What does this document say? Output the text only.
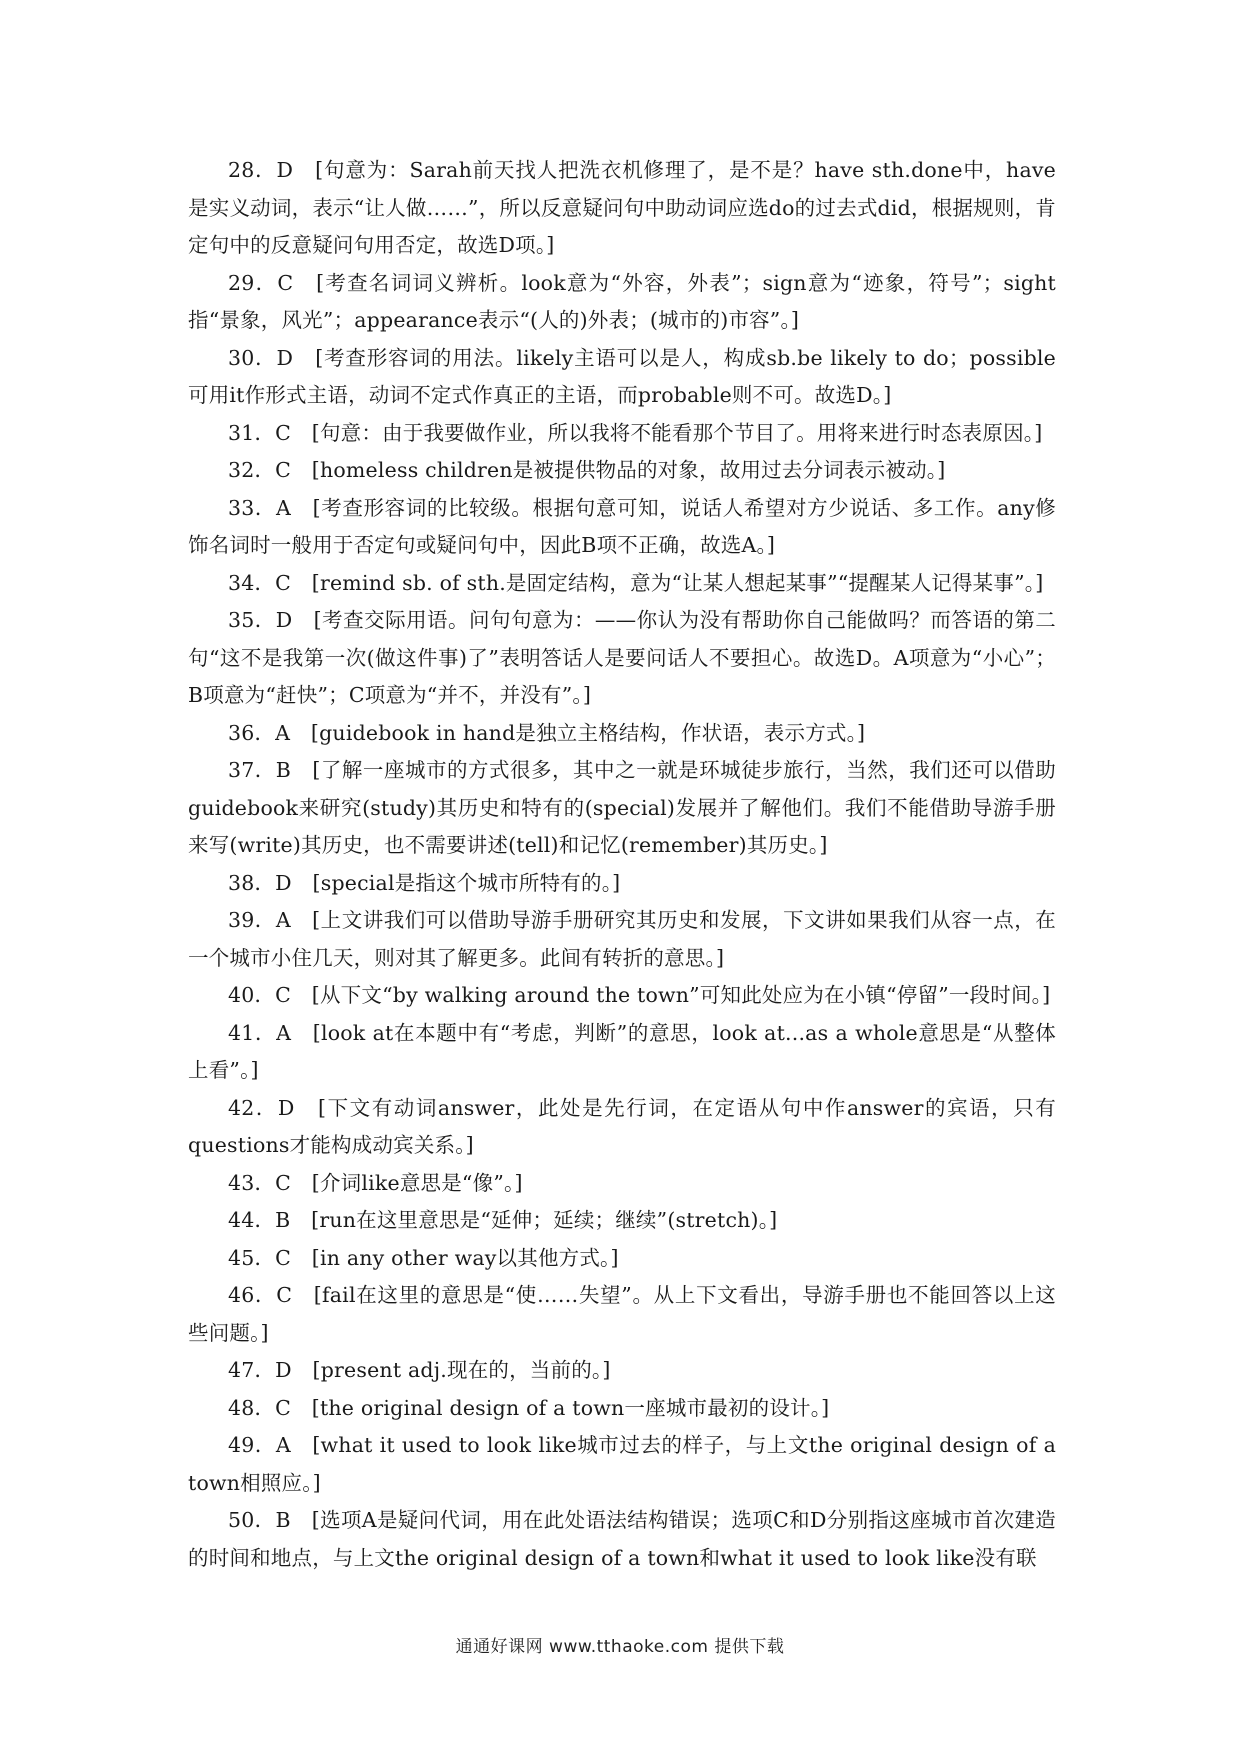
28．D　[句意为：Sarah前天找人把洗衣机修理了，是不是？have sth.done中，have是实义动词，表示“让人做……”，所以反意疑问句中助动词应选do的过去式did，根据规则，肯定句中的反意疑问句用否定，故选D项。]

29．C　[考查名词词义辨析。look意为“外容，外表”；sign意为“迹象，符号”；sight指“景象，风光”；appearance表示“(人的)外表；(城市的)市容”。]

30．D　[考查形容词的用法。likely主语可以是人，构成sb.be likely to do；possible可用it作形式主语，动词不定式作真正的主语，而probable则不可。故选D。]

31．C　[句意：由于我要做作业，所以我将不能看那个节目了。用将来进行时态表原因。]

32．C　[homeless children是被提供物品的对象，故用过去分词表示被动。]

33．A　[考查形容词的比较级。根据句意可知，说话人希望对方少说话、多工作。any修饰名词时一般用于否定句或疑问句中，因此B项不正确，故选A。]

34．C　[remind sb. of sth.是固定结构，意为“让某人想起某事”“提醒某人记得某事”。]

35．D　[考查交际用语。问句句意为：——你认为没有帮助你自己能做吗？而答语的第二句“这不是我第一次(做这件事)了”表明答话人是要问话人不要担心。故选D。A项意为“小心”；B项意为“赶快”；C项意为“并不，并没有”。]

36．A　[guidebook in hand是独立主格结构，作状语，表示方式。]

37．B　[了解一座城市的方式很多，其中之一就是环城徒步旅行，当然，我们还可以借助guidebook来研究(study)其历史和特有的(special)发展并了解他们。我们不能借助导游手册来写(write)其历史，也不需要讲述(tell)和记忆(remember)其历史。]

38．D　[special是指这个城市所特有的。]

39．A　[上文讲我们可以借助导游手册研究其历史和发展，下文讲如果我们从容一点，在一个城市小住几天，则对其了解更多。此间有转折的意思。]

40．C　[从下文“by walking around the town”可知此处应为在小镇“停留”一段时间。]

41．A　[look at在本题中有“考虑，判断”的意思，look at...as a whole意思是“从整体上看”。]

42．D　[下文有动词answer，此处是先行词，在定语从句中作answer的宾语，只有questions才能构成动宾关系。]

43．C　[介词like意思是“像”。]

44．B　[run在这里意思是“延伸；延续；继续”(stretch)。]

45．C　[in any other way以其他方式。]

46．C　[fail在这里的意思是“使……失望”。从上下文看出，导游手册也不能回答以上这些问题。]

47．D　[present adj.现在的，当前的。]

48．C　[the original design of a town一座城市最初的设计。]

49．A　[what it used to look like城市过去的样子，与上文the original design of a town相照应。]

50．B　[选项A是疑问代词，用在此处语法结构错误；选项C和D分别指这座城市首次建造的时间和地点，与上文the original design of a town和what it used to look like没有联

通通好课网 www.tthaoke.com 提供下载
